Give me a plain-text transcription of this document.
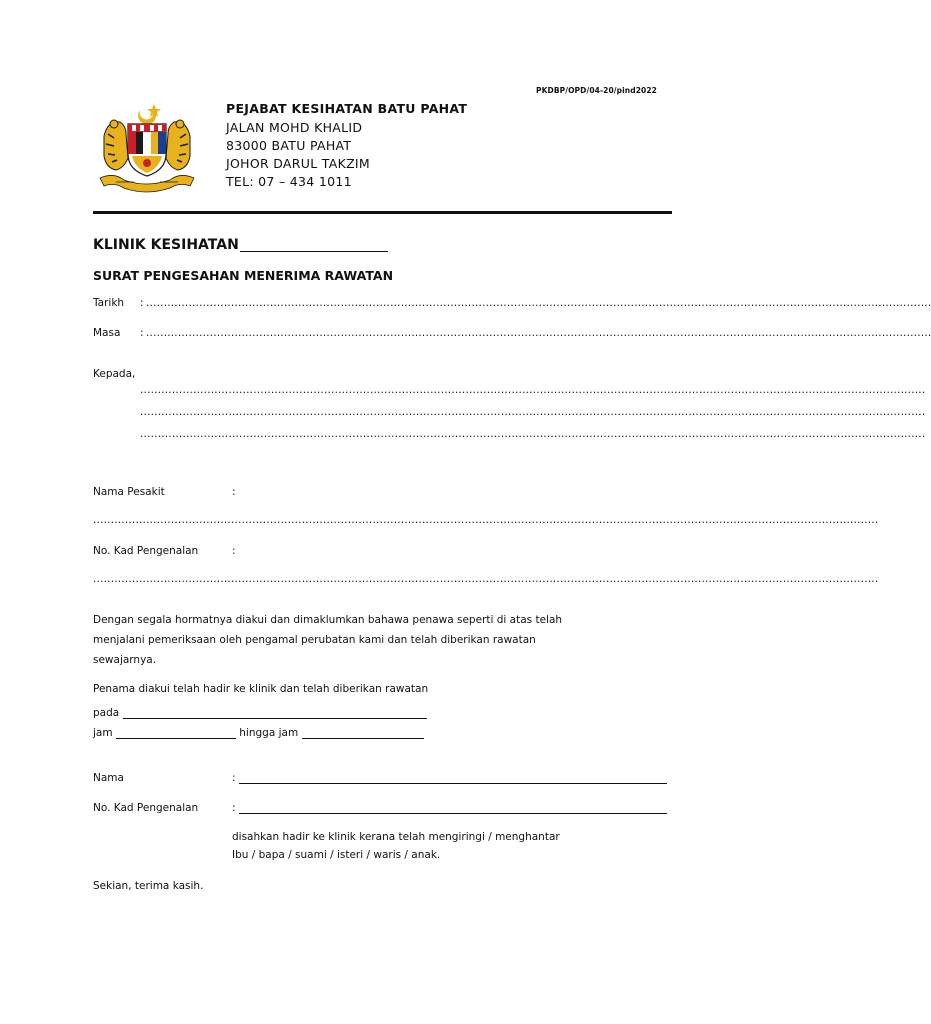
PKDBP/OPD/04-20/pind2022
PEJABAT KESIHATAN BATU PAHAT
JALAN MOHD KHALID
83000 BATU PAHAT
JOHOR DARUL TAKZIM
TEL: 07 – 434 1011
KLINIK KESIHATAN
SURAT PENGESAHAN MENERIMA RAWATAN
Tarikh : ..............................................................................................................................................................................................................................
Masa : ..............................................................................................................................................................................................................................
Kepada,
..............................................................................................................................................................................................................................
..............................................................................................................................................................................................................................
..............................................................................................................................................................................................................................
Nama Pesakit	:
..............................................................................................................................................................................................................................
No. Kad Pengenalan	:
..............................................................................................................................................................................................................................
Dengan segala hormatnya diakui dan dimaklumkan bahawa penawa seperti di atas telah menjalani pemeriksaan oleh pengamal perubatan kami dan telah diberikan rawatan sewajarnya.
Penama diakui telah hadir ke klinik dan telah diberikan rawatan
pada
jam	hingga jam
Nama	:
No. Kad Pengenalan	:
disahkan hadir ke klinik kerana telah mengiringi / menghantar
Ibu / bapa / suami / isteri / waris / anak.
Sekian, terima kasih.
